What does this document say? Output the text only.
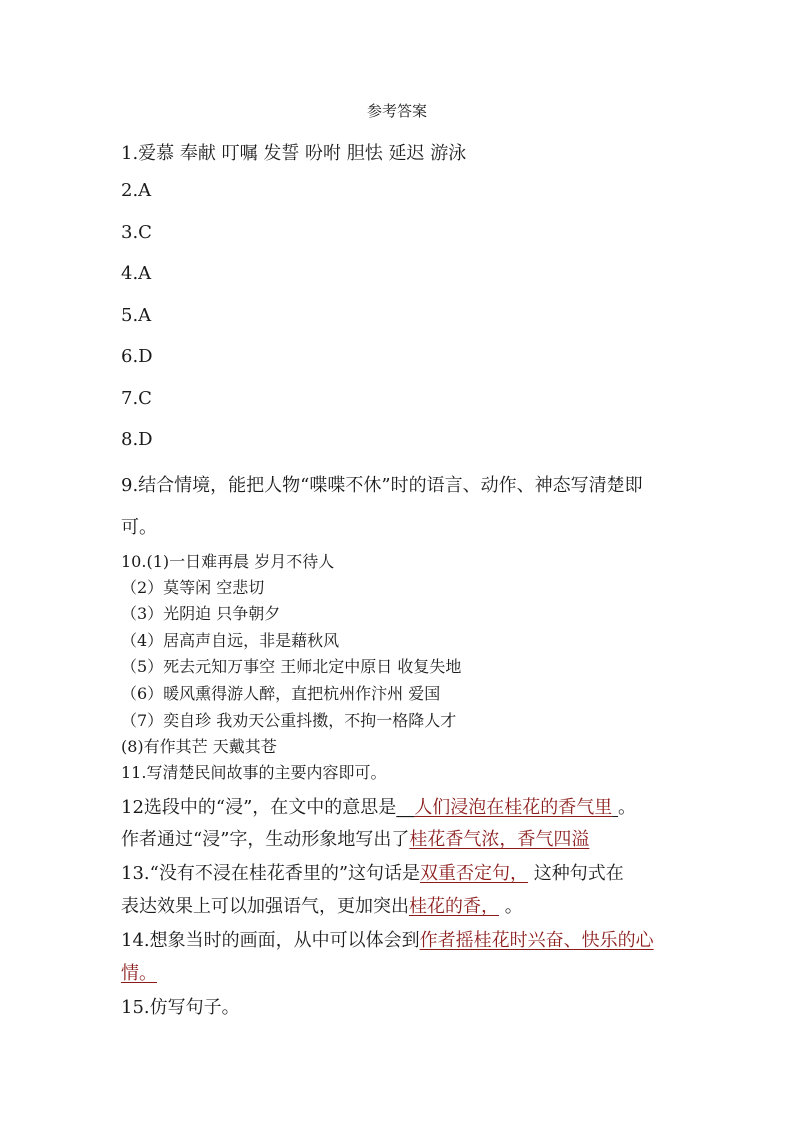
参考答案
1.爱慕 奉献 叮嘱 发誓 吩咐 胆怯 延迟 游泳
2.A
3.C
4.A
5.A
6.D
7.C
8.D
9.结合情境，能把人物“喋喋不休”时的语言、动作、神态写清楚即
可。
10.(1)一日难再晨 岁月不待人
（2）莫等闲 空悲切
（3）光阴迫 只争朝夕
（4）居高声自远，非是藉秋风
（5）死去元知万事空 王师北定中原日 收复失地
（6）暖风熏得游人醉，直把杭州作汴州 爱国
（7）奕自珍 我劝天公重抖擞，不拘一格降人才
(8)有作其芒 天戴其苍
11.写清楚民间故事的主要内容即可。
12选段中的“浸”，在文中的意思是__人们浸泡在桂花的香气里 。
作者通过“浸”字，生动形象地写出了桂花香气浓，香气四溢
13.“没有不浸在桂花香里的”这句话是双重否定句， 这种句式在
表达效果上可以加强语气，更加突出桂花的香， 。
14.想象当时的画面，从中可以体会到作者摇桂花时兴奋、快乐的心
情。
15.仿写句子。
